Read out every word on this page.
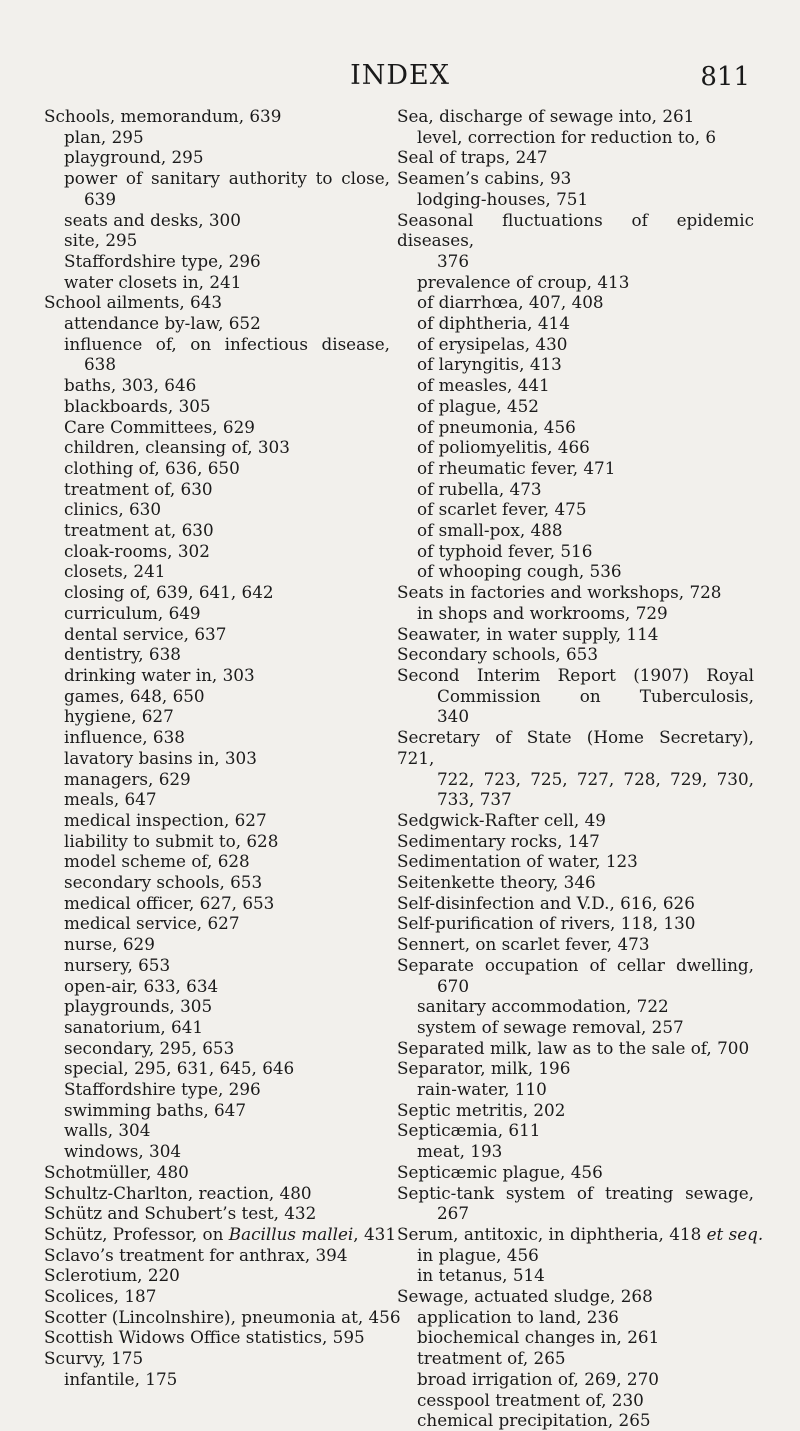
INDEX	811
Schools, memorandum, 639
plan, 295
playground, 295
power of sanitary authority to close,
639
seats and desks, 300
site, 295
Staffordshire type, 296
water closets in, 241
School ailments, 643
attendance by-law, 652
influence of, on infectious disease,
638
baths, 303, 646
blackboards, 305
Care Committees, 629
children, cleansing of, 303
clothing of, 636, 650
treatment of, 630
clinics, 630
treatment at, 630
cloak-rooms, 302
closets, 241
closing of, 639, 641, 642
curriculum, 649
dental service, 637
dentistry, 638
drinking water in, 303
games, 648, 650
hygiene, 627
influence, 638
lavatory basins in, 303
managers, 629
meals, 647
medical inspection, 627
liability to submit to, 628
model scheme of, 628
secondary schools, 653
medical officer, 627, 653
medical service, 627
nurse, 629
nursery, 653
open-air, 633, 634
playgrounds, 305
sanatorium, 641
secondary, 295, 653
special, 295, 631, 645, 646
Staffordshire type, 296
swimming baths, 647
walls, 304
windows, 304
Schotmüller, 480
Schultz-Charlton, reaction, 480
Schütz and Schubert’s test, 432
Schütz, Professor, on Bacillus mallei, 431
Sclavo’s treatment for anthrax, 394
Sclerotium, 220
Scolices, 187
Scotter (Lincolnshire), pneumonia at, 456
Scottish Widows Office statistics, 595
Scurvy, 175
infantile, 175
Sea, discharge of sewage into, 261
level, correction for reduction to, 6
Seal of traps, 247
Seamen’s cabins, 93
lodging-houses, 751
Seasonal fluctuations of epidemic diseases,
376
prevalence of croup, 413
of diarrhœa, 407, 408
of diphtheria, 414
of erysipelas, 430
of laryngitis, 413
of measles, 441
of plague, 452
of pneumonia, 456
of poliomyelitis, 466
of rheumatic fever, 471
of rubella, 473
of scarlet fever, 475
of small-pox, 488
of typhoid fever, 516
of whooping cough, 536
Seats in factories and workshops, 728
in shops and workrooms, 729
Seawater, in water supply, 114
Secondary schools, 653
Second Interim Report (1907) Royal
Commission on Tuberculosis,
340
Secretary of State (Home Secretary), 721,
722, 723, 725, 727, 728, 729, 730,
733, 737
Sedgwick-Rafter cell, 49
Sedimentary rocks, 147
Sedimentation of water, 123
Seitenkette theory, 346
Self-disinfection and V.D., 616, 626
Self-purification of rivers, 118, 130
Sennert, on scarlet fever, 473
Separate occupation of cellar dwelling,
670
sanitary accommodation, 722
system of sewage removal, 257
Separated milk, law as to the sale of, 700
Separator, milk, 196
rain-water, 110
Septic metritis, 202
Septicæmia, 611
meat, 193
Septicæmic plague, 456
Septic-tank system of treating sewage,
267
Serum, antitoxic, in diphtheria, 418 et seq.
in plague, 456
in tetanus, 514
Sewage, actuated sludge, 268
application to land, 236
biochemical changes in, 261
treatment of, 265
broad irrigation of, 269, 270
cesspool treatment of, 230
chemical precipitation, 265
